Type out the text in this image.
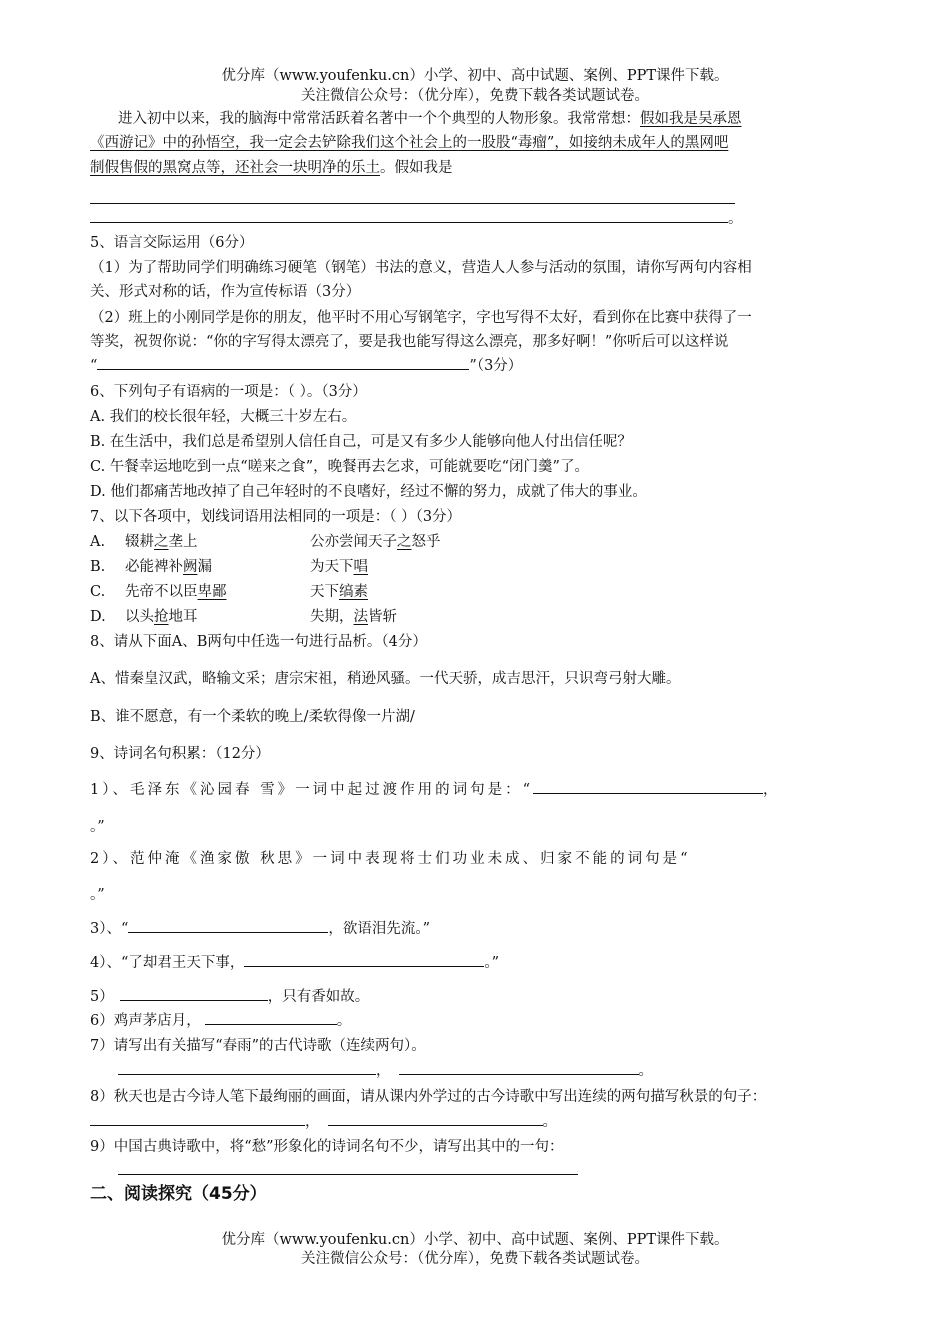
优分库（www.youfenku.cn）小学、初中、高中试题、案例、PPT课件下载。
关注微信公众号：（优分库），免费下载各类试题试卷。
进入初中以来，我的脑海中常常活跃着名著中一个个典型的人物形象。我常常想：假如我是吴承恩
《西游记》中的孙悟空，我一定会去铲除我们这个社会上的一股股“毒瘤”，如接纳未成年人的黑网吧
制假售假的黑窝点等，还社会一块明净的乐土。假如我是
。
5、语言交际运用（6分）
（1）为了帮助同学们明确练习硬笔（钢笔）书法的意义，营造人人参与活动的氛围，请你写两句内容相
关、形式对称的话，作为宣传标语（3分）
（2）班上的小刚同学是你的朋友，他平时不用心写钢笔字，字也写得不太好，看到你在比赛中获得了一
等奖，祝贺你说：“你的字写得太漂亮了，要是我也能写得这么漂亮，那多好啊！”你听后可以这样说
“	”（3分）
6、下列句子有语病的一项是：（ ）。（3分）
A. 我们的校长很年轻，大概三十岁左右。
B. 在生活中，我们总是希望别人信任自己，可是又有多少人能够向他人付出信任呢？
C. 午餐幸运地吃到一点“嗟来之食”，晚餐再去乞求，可能就要吃“闭门羹”了。
D. 他们都痛苦地改掉了自己年轻时的不良嗜好，经过不懈的努力，成就了伟大的事业。
7、以下各项中，划线词语用法相同的一项是：（ ）（3分）
A. 辍耕之垄上	公亦尝闻天子之怒乎
B. 必能裨补阙漏	为天下唱
C. 先帝不以臣卑鄙	天下缟素
D. 以头抢地耳	失期，法皆斩
8、请从下面A、B两句中任选一句进行品析。（4分）
A、惜秦皇汉武，略输文采；唐宗宋祖，稍逊风骚。一代天骄，成吉思汗，只识弯弓射大雕。
B、谁不愿意，有一个柔软的晚上/柔软得像一片湖/
9、诗词名句积累：（12分）
1）、毛泽东《沁园春 雪》一词中起过渡作用的词句是：“	，
。”
2）、范仲淹《渔家傲 秋思》一词中表现将士们功业未成、归家不能的词句是“
。”
3）、“	，欲语泪先流。”
4）、“了却君王天下事，	。”
5）	，只有香如故。
6）鸡声茅店月，	。
7）请写出有关描写“春雨”的古代诗歌（连续两句）。
，	。
8）秋天也是古今诗人笔下最绚丽的画面，请从课内外学过的古今诗歌中写出连续的两句描写秋景的句子：
，	。
9）中国古典诗歌中，将“愁”形象化的诗词名句不少，请写出其中的一句：
二、阅读探究（45分）
优分库（www.youfenku.cn）小学、初中、高中试题、案例、PPT课件下载。
关注微信公众号：（优分库），免费下载各类试题试卷。
